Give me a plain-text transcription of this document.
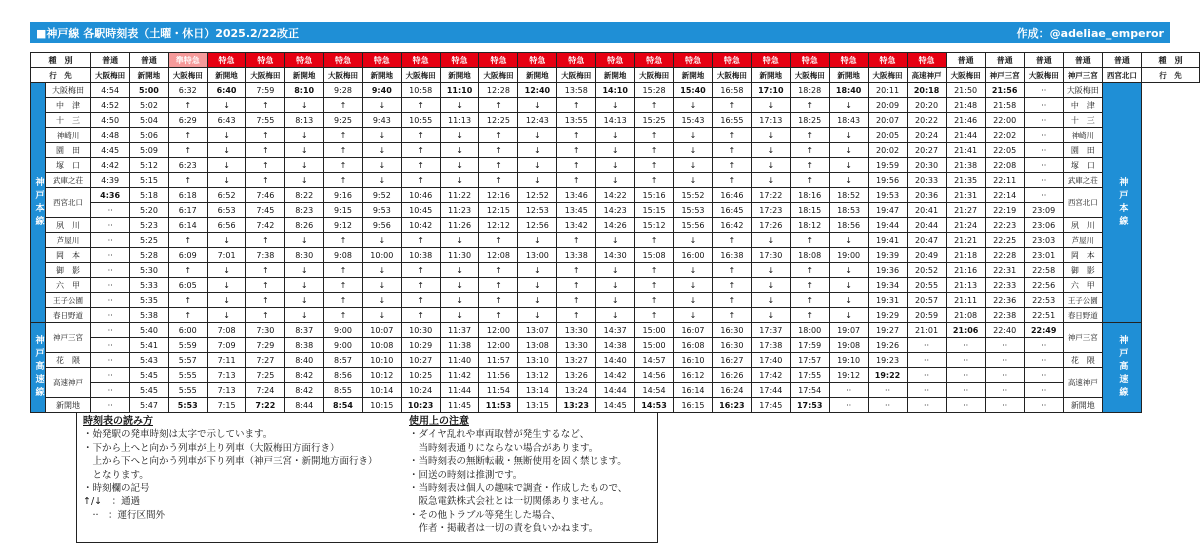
■神戸線 各駅時刻表（土曜・休日）2025.2/22改正	作成：@adeliae_emperor
種　別		普通	普通	準特急	特急	特急	特急	特急	特急	特急	特急	特急	特急	特急	特急	特急	特急	特急	特急	特急	特急	特急	特急	普通	普通	普通	普通	普通	種　別
行　先		大阪梅田	新開地	大阪梅田	新開地	大阪梅田	新開地	大阪梅田	新開地	大阪梅田	新開地	大阪梅田	新開地	大阪梅田	新開地	大阪梅田	新開地	大阪梅田	新開地	大阪梅田	新開地	大阪梅田	高速神戸	大阪梅田	神戸三宮	大阪梅田	神戸三宮	西宮北口	行　先

神戸本線	大阪梅田	4:54	5:00	6:32	6:40	7:59	8:10	9:28	9:40	10:58	11:10	12:28	12:40	13:58	14:10	15:28	15:40	16:58	17:10	18:28	18:40	20:11	20:18	21:50	21:56	··	大阪梅田	神戸本線	

	中　津	4:52	5:02	↑	↓	↑	↓	↑	↓	↑	↓	↑	↓	↑	↓	↑	↓	↑	↓	↑	↓	20:09	20:20	21:48	21:58	··	中　津		
	十　三	4:50	5:04	6:29	6:43	7:55	8:13	9:25	9:43	10:55	11:13	12:25	12:43	13:55	14:13	15:25	15:43	16:55	17:13	18:25	18:43	20:07	20:22	21:46	22:00	··	十　三		
	神崎川	4:48	5:06	↑	↓	↑	↓	↑	↓	↑	↓	↑	↓	↑	↓	↑	↓	↑	↓	↑	↓	20:05	20:24	21:44	22:02	··	神崎川		
	園　田	4:45	5:09	↑	↓	↑	↓	↑	↓	↑	↓	↑	↓	↑	↓	↑	↓	↑	↓	↑	↓	20:02	20:27	21:41	22:05	··	園　田		
	塚　口	4:42	5:12	6:23	↓	↑	↓	↑	↓	↑	↓	↑	↓	↑	↓	↑	↓	↑	↓	↑	↓	19:59	20:30	21:38	22:08	··	塚　口		
	武庫之荘	4:39	5:15	↑	↓	↑	↓	↑	↓	↑	↓	↑	↓	↑	↓	↑	↓	↑	↓	↑	↓	19:56	20:33	21:35	22:11	··	武庫之荘		
	西宮北口	4:36	5:18	6:18	6:52	7:46	8:22	9:16	9:52	10:46	11:22	12:16	12:52	13:46	14:22	15:16	15:52	16:46	17:22	18:16	18:52	19:53	20:36	21:31	22:14	··	西宮北口		
		··	5:20	6:17	6:53	7:45	8:23	9:15	9:53	10:45	11:23	12:15	12:53	13:45	14:23	15:15	15:53	16:45	17:23	18:15	18:53	19:47	20:41	21:27	22:19	23:09			
	夙　川	··	5:23	6:14	6:56	7:42	8:26	9:12	9:56	10:42	11:26	12:12	12:56	13:42	14:26	15:12	15:56	16:42	17:26	18:12	18:56	19:44	20:44	21:24	22:23	23:06	夙　川		
	芦屋川	··	5:25	↑	↓	↑	↓	↑	↓	↑	↓	↑	↓	↑	↓	↑	↓	↑	↓	↑	↓	19:41	20:47	21:21	22:25	23:03	芦屋川		
	岡　本	··	5:28	6:09	7:01	7:38	8:30	9:08	10:00	10:38	11:30	12:08	13:00	13:38	14:30	15:08	16:00	16:38	17:30	18:08	19:00	19:39	20:49	21:18	22:28	23:01	岡　本		
	御　影	··	5:30	↑	↓	↑	↓	↑	↓	↑	↓	↑	↓	↑	↓	↑	↓	↑	↓	↑	↓	19:36	20:52	21:16	22:31	22:58	御　影		
	六　甲	··	5:33	6:05	↓	↑	↓	↑	↓	↑	↓	↑	↓	↑	↓	↑	↓	↑	↓	↑	↓	19:34	20:55	21:13	22:33	22:56	六　甲		
	王子公園	··	5:35	↑	↓	↑	↓	↑	↓	↑	↓	↑	↓	↑	↓	↑	↓	↑	↓	↑	↓	19:31	20:57	21:11	22:36	22:53	王子公園		
	春日野道	··	5:38	↑	↓	↑	↓	↑	↓	↑	↓	↑	↓	↑	↓	↑	↓	↑	↓	↑	↓	19:29	20:59	21:08	22:38	22:51	春日野道		

神戸高速線	神戸三宮	··	5:40	6:00	7:08	7:30	8:37	9:00	10:07	10:30	11:37	12:00	13:07	13:30	14:37	15:00	16:07	16:30	17:37	18:00	19:07	19:27	21:01	21:06	22:40	22:49	神戸三宮	神戸高速線	

		··	5:41	5:59	7:09	7:29	8:38	9:00	10:08	10:29	11:38	12:00	13:08	13:30	14:38	15:00	16:08	16:30	17:38	17:59	19:08	19:26	··	··	··	··			
	花　隈	··	5:43	5:57	7:11	7:27	8:40	8:57	10:10	10:27	11:40	11:57	13:10	13:27	14:40	14:57	16:10	16:27	17:40	17:57	19:10	19:23	··	··	··	··	花　隈		
	高速神戸	··	5:45	5:55	7:13	7:25	8:42	8:56	10:12	10:25	11:42	11:56	13:12	13:26	14:42	14:56	16:12	16:26	17:42	17:55	19:12	19:22	··	··	··	··	高速神戸		
		··	5:45	5:55	7:13	7:24	8:42	8:55	10:14	10:24	11:44	11:54	13:14	13:24	14:44	14:54	16:14	16:24	17:44	17:54	··	··	··	··	··	··			
	新開地	··	5:47	5:53	7:15	7:22	8:44	8:54	10:15	10:23	11:45	11:53	13:15	13:23	14:45	14:53	16:15	16:23	17:45	17:53	··	··	··	··	··	··	新開地		
時刻表の読み方

・始発駅の発車時刻は太字で示しています。

・下から上へと向かう列車が上り列車（大阪梅田方面行き）

　上から下へと向かう列車が下り列車（神戸三宮・新開地方面行き）

　となります。

・時刻欄の記号

↑/↓　：通過

　··　：運行区間外

使用上の注意

・ダイヤ乱れや車両取替が発生するなど、

　当時刻表通りにならない場合があります。

・当時刻表の無断転載・無断使用を固く禁じます。

・回送の時刻は推測です。

・当時刻表は個人の趣味で調査・作成したもので、

　阪急電鉄株式会社とは一切関係ありません。

・その他トラブル等発生した場合、

　作者・掲載者は一切の責を負いかねます。
